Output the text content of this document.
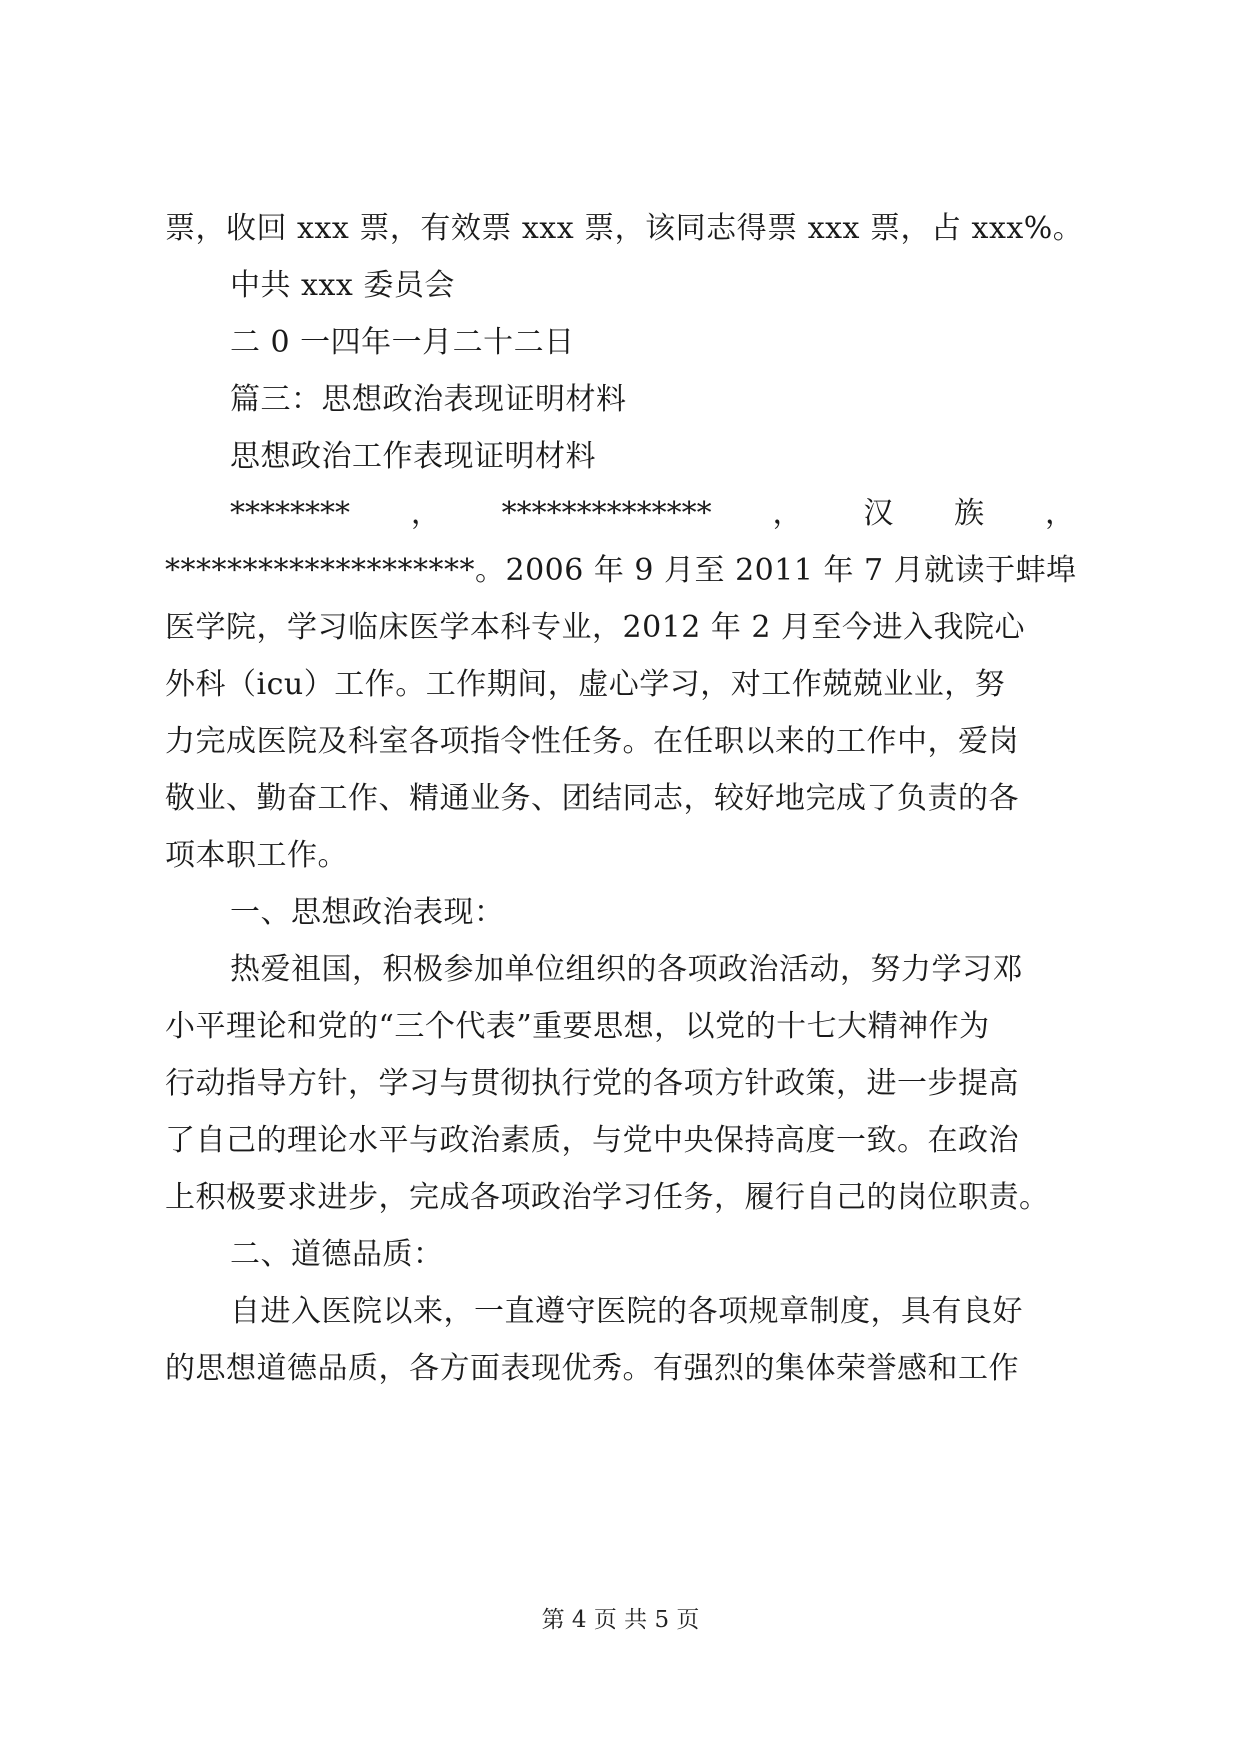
票，收回 xxx 票，有效票 xxx 票，该同志得票 xxx 票，占 xxx%。
中共 xxx 委员会
二 0 一四年一月二十二日
篇三：思想政治表现证明材料
思想政治工作表现证明材料
******** ， ************** ， 汉 族 ，
********************。2006 年 9 月至 2011 年 7 月就读于蚌埠
医学院，学习临床医学本科专业，2012 年 2 月至今进入我院心
外科（icu）工作。工作期间，虚心学习，对工作兢兢业业，努
力完成医院及科室各项指令性任务。在任职以来的工作中，爱岗
敬业、勤奋工作、精通业务、团结同志，较好地完成了负责的各
项本职工作。
一、思想政治表现：
热爱祖国，积极参加单位组织的各项政治活动，努力学习邓
小平理论和党的“三个代表”重要思想，以党的十七大精神作为
行动指导方针，学习与贯彻执行党的各项方针政策，进一步提高
了自己的理论水平与政治素质，与党中央保持高度一致。在政治
上积极要求进步，完成各项政治学习任务，履行自己的岗位职责。
二、道德品质：
自进入医院以来，一直遵守医院的各项规章制度，具有良好
的思想道德品质，各方面表现优秀。有强烈的集体荣誉感和工作
第 4 页 共 5 页
